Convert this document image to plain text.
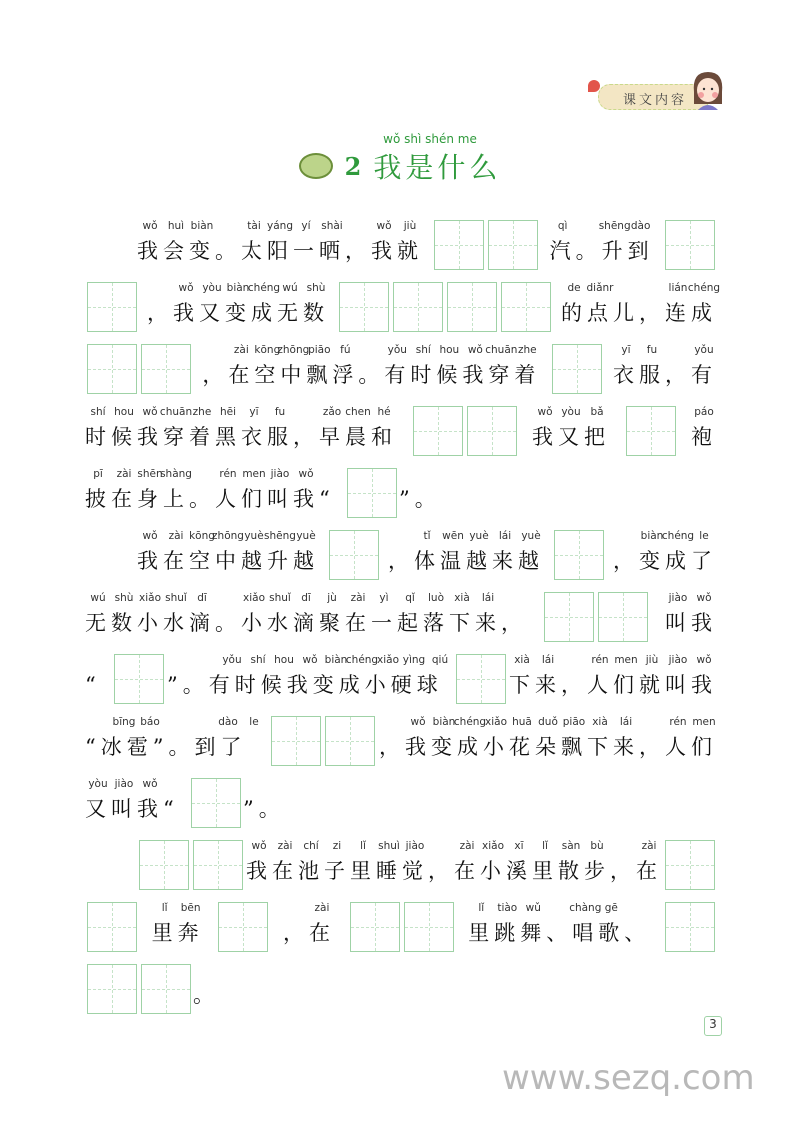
课文内容
wǒ shì shén me
2 我是什么
wǒ huì biàn	tài yáng yí	shài	wǒ	jiù
我会变。太阳一晒，我就
qì	shēng dào
汽。升到
wǒ yòu biàn
chéng wú shù
，我又变成无数
de diǎnr	lián chéng
的点儿，连成
zài kōng
zhōng
piāo fú	yǒu shí hou wǒ chuān zhe
，在空中飘浮。有时候我穿着
yī	fu	yǒu
衣服，有
shí hou wǒ chuān zhe hēi	yī	fu	zǎo chen hé
时候我穿着黑衣服，早晨和
wǒ yòu bǎ
我又把
páo
袍
pī	zài shēn
shàng	rén men jiào wǒ
披在身上。人们叫我“	”。
wǒ	zài kōng
zhōng yuè shēng yuè
我在空中越升越
tǐ	wēn yuè lái yuè
，体温越来越
biàn
chéng le
，变成了
wú shù xiǎo shuǐ dī	xiǎo shuǐ dī	jù	zài	yì	qǐ	luò xià	lái
无数小水滴。小水滴聚在一起落下来，
jiào wǒ
叫我
“
yǒu shí hou wǒ biàn
chéng
xiǎo yìng qiú
”。有时候我变成小硬球
xià	lái	rén men jiù jiào wǒ
下来，人们就叫我
bīng báo	dào	le
“冰雹”。到了
wǒ biàn
chéng
xiǎo huā duǒ piāo xià	lái	rén men
，我变成小花朵飘下来，人们
yòu jiào wǒ
又叫我“	”。
wǒ	zài	chí	zi	lǐ	shuì jiào	zài xiǎo xī	lǐ	sàn bù	zài
我在池子里睡觉，在小溪里散步，在
lǐ	bēn
里奔
zài
，在
lǐ	tiào wǔ	chàng gē
里跳舞、唱歌、
。
3
www.sezq.com
